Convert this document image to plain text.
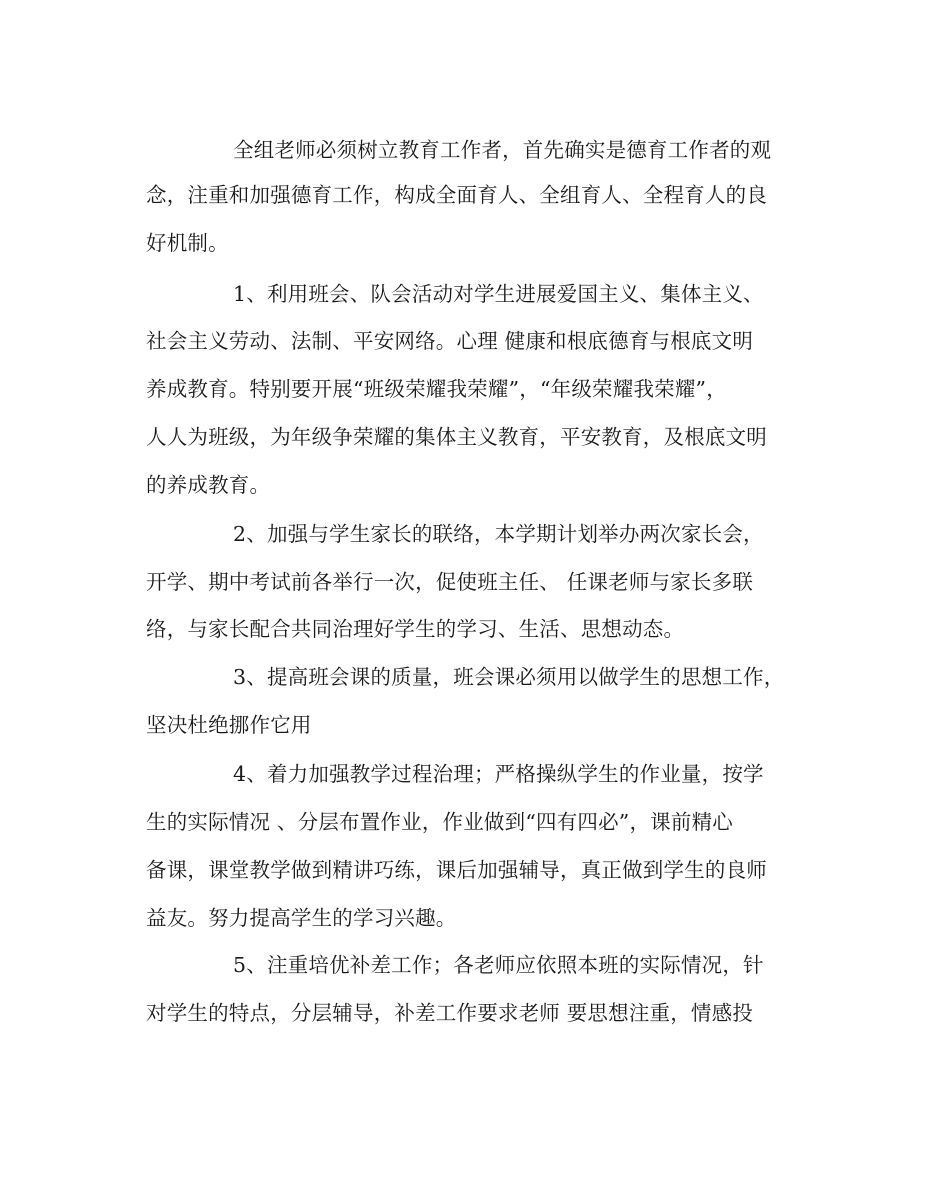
全组老师必须树立教育工作者，首先确实是德育工作者的观
念，注重和加强德育工作，构成全面育人、全组育人、全程育人的良
好机制。
1、利用班会、队会活动对学生进展爱国主义、集体主义、
社会主义劳动、法制、平安网络。心理 健康和根底德育与根底文明
养成教育。特别要开展“班级荣耀我荣耀”，“年级荣耀我荣耀”，
人人为班级，为年级争荣耀的集体主义教育，平安教育，及根底文明
的养成教育。
2、加强与学生家长的联络，本学期计划举办两次家长会，
开学、期中考试前各举行一次，促使班主任、 任课老师与家长多联
络，与家长配合共同治理好学生的学习、生活、思想动态。
3、提高班会课的质量，班会课必须用以做学生的思想工作，
坚决杜绝挪作它用
4、着力加强教学过程治理；严格操纵学生的作业量，按学
生的实际情况 、分层布置作业，作业做到“四有四必”，课前精心
备课，课堂教学做到精讲巧练，课后加强辅导，真正做到学生的良师
益友。努力提高学生的学习兴趣。
5、注重培优补差工作；各老师应依照本班的实际情况，针
对学生的特点，分层辅导，补差工作要求老师 要思想注重，情感投
